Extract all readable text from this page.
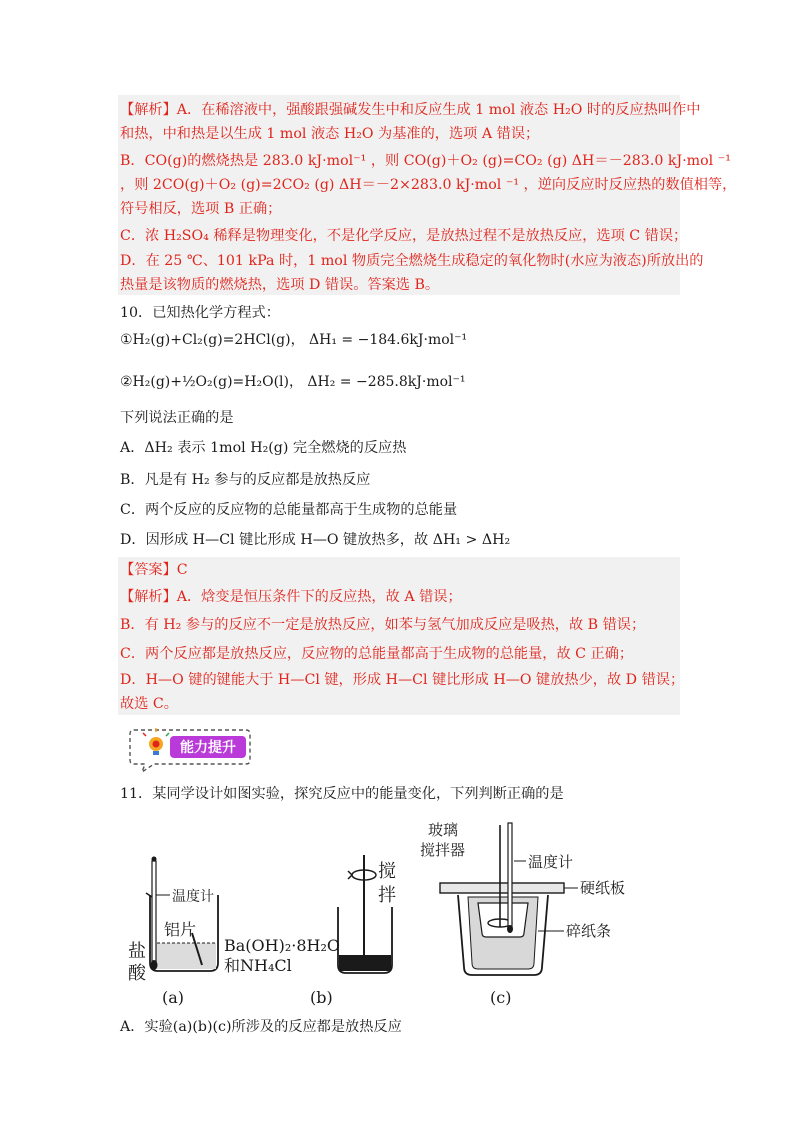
【解析】A．在稀溶液中，强酸跟强碱发生中和反应生成 1 mol 液态 H₂O 时的反应热叫作中
和热，中和热是以生成 1 mol 液态 H₂O 为基准的，选项 A 错误；
B．CO(g)的燃烧热是 283.0 kJ·mol⁻¹ ，则 CO(g)＋O₂ (g)=CO₂ (g) ΔH＝－283.0 kJ·mol ⁻¹
，则 2CO(g)＋O₂ (g)=2CO₂ (g) ΔH＝－2×283.0 kJ·mol ⁻¹ ，逆向反应时反应热的数值相等，
符号相反，选项 B 正确；
C．浓 H₂SO₄ 稀释是物理变化，不是化学反应，是放热过程不是放热反应，选项 C 错误；
D．在 25 ℃、101 kPa 时，1 mol 物质完全燃烧生成稳定的氧化物时(水应为液态)所放出的
热量是该物质的燃烧热，选项 D 错误。答案选 B。
10．已知热化学方程式：
①H₂(g)+Cl₂(g)=2HCl(g)， ΔH₁ = −184.6kJ·mol⁻¹
②H₂(g)+½O₂(g)=H₂O(l)， ΔH₂ = −285.8kJ·mol⁻¹
下列说法正确的是
A．ΔH₂ 表示 1mol H₂(g) 完全燃烧的反应热
B．凡是有 H₂ 参与的反应都是放热反应
C．两个反应的反应物的总能量都高于生成物的总能量
D．因形成 H—Cl 键比形成 H—O 键放热多，故 ΔH₁ > ΔH₂
【答案】C
【解析】A．焓变是恒压条件下的反应热，故 A 错误；
B．有 H₂ 参与的反应不一定是放热反应，如苯与氢气加成反应是吸热，故 B 错误；
C．两个反应都是放热反应，反应物的总能量都高于生成物的总能量，故 C 正确；
D．H—O 键的键能大于 H—Cl 键，形成 H—Cl 键比形成 H—O 键放热少，故 D 错误；
故选 C。
能力提升
11．某同学设计如图实验，探究反应中的能量变化，下列判断正确的是
温度计
铝片
盐
酸
(a)
搅
拌
Ba(OH)₂·8H₂O
和NH₄Cl
(b)
玻璃
搅拌器
温度计
硬纸板
碎纸条
(c)
A．实验(a)(b)(c)所涉及的反应都是放热反应
